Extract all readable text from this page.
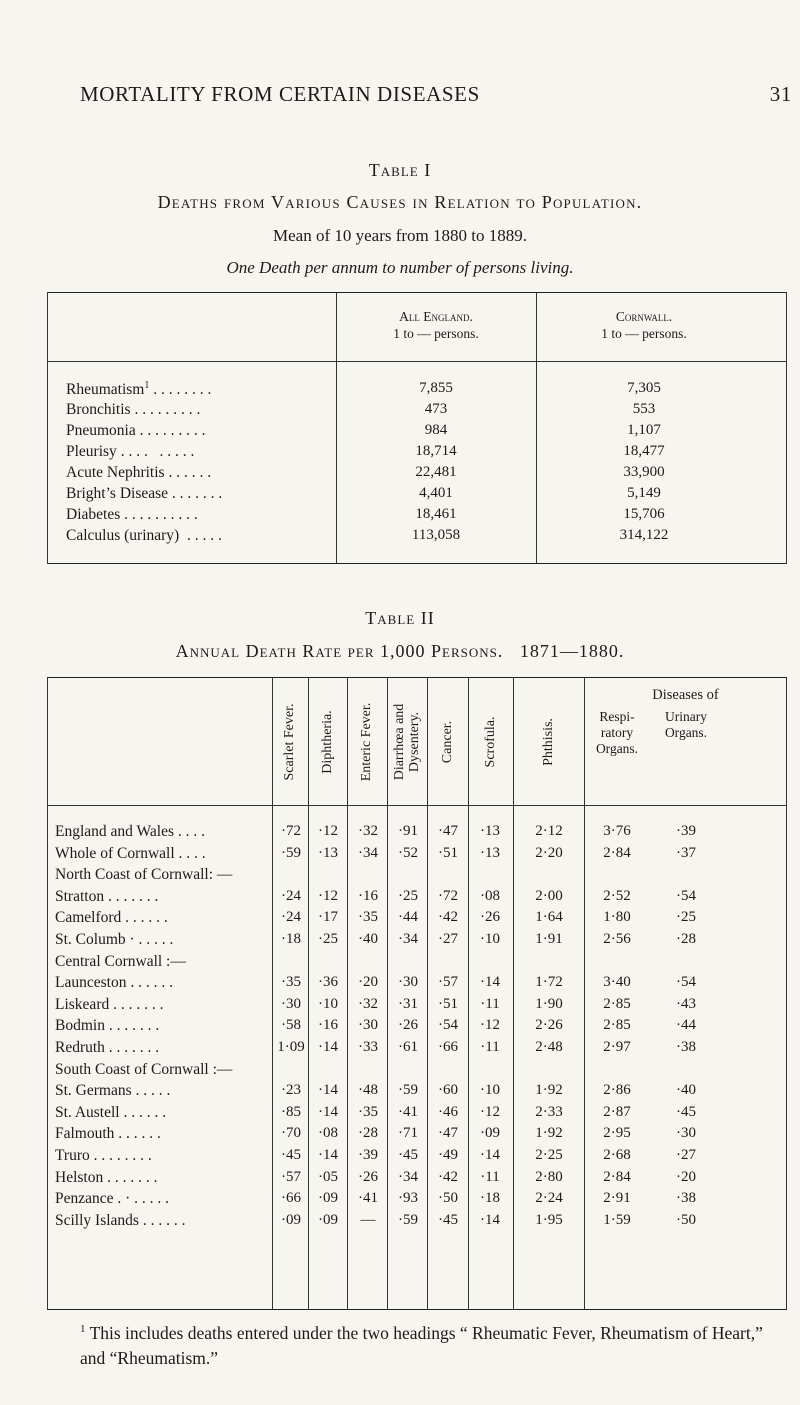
MORTALITY FROM CERTAIN DISEASES	31
Table I
Deaths from Various Causes in Relation to Population.
Mean of 10 years from 1880 to 1889.
One Death per annum to number of persons living.
All England.
1 to — persons.
Cornwall.
1 to — persons.
Rheumatism$^1$ . . . . . . . .	7,855	7,305
Bronchitis . . . . . . . . .	473	553
Pneumonia . . . . . . . . .	984	1,107
Pleurisy . . . .   . . . . .	18,714	18,477
Acute Nephritis . . . . . .	22,481	33,900
Bright’s Disease . . . . . . .	4,401	5,149
Diabetes . . . . . . . . . .	18,461	15,706
Calculus (urinary)  . . . . .	113,058	314,122
Table II
Annual Death Rate per 1,000 Persons.   1871—1880.
Diseases of
Respi-ratory Organs.
Urinary Organs.
Scarlet Fever. Diphtheria. Enteric Fever. Diarrhœa and Dysentery. Cancer. Scrofula.	Phthisis.
England and Wales . . . .	·72	·12	·32	·91	·47	·13	2·12	3·76	·39
Whole of Cornwall . . . .	·59	·13	·34	·52	·51	·13	2·20	2·84	·37
North Coast of Cornwall: —
Stratton . . . . . . .	·24	·12	·16	·25	·72	·08	2·00	2·52	·54
Camelford . . . . . .	·24	·17	·35	·44	·42	·26	1·64	1·80	·25
St. Columb · . . . . .	·18	·25	·40	·34	·27	·10	1·91	2·56	·28
Central Cornwall :—
Launceston . . . . . .	·35	·36	·20	·30	·57	·14	1·72	3·40	·54
Liskeard . . . . . . .	·30	·10	·32	·31	·51	·11	1·90	2·85	·43
Bodmin . . . . . . .	·58	·16	·30	·26	·54	·12	2·26	2·85	·44
Redruth . . . . . . .	1·09 ·14	·33	·61	·66	·11	2·48	2·97	·38
South Coast of Cornwall :—
St. Germans . . . . .	·23	·14	·48	·59	·60	·10	1·92	2·86	·40
St. Austell . . . . . .	·85	·14	·35	·41	·46	·12	2·33	2·87	·45
Falmouth . . . . . .	·70	·08	·28	·71	·47	·09	1·92	2·95	·30
Truro . . . . . . . .	·45	·14	·39	·45	·49	·14	2·25	2·68	·27
Helston . . . . . . .	·57	·05	·26	·34	·42	·11	2·80	2·84	·20
Penzance . · . . . . .	·66	·09	·41	·93	·50	·18	2·24	2·91	·38
Scilly Islands . . . . . .	·09	·09	—	·59	·45	·14	1·95	1·59	·50
$^1$ This includes deaths entered under the two headings “ Rheumatic Fever, Rheumatism of Heart,” and “Rheumatism.”
